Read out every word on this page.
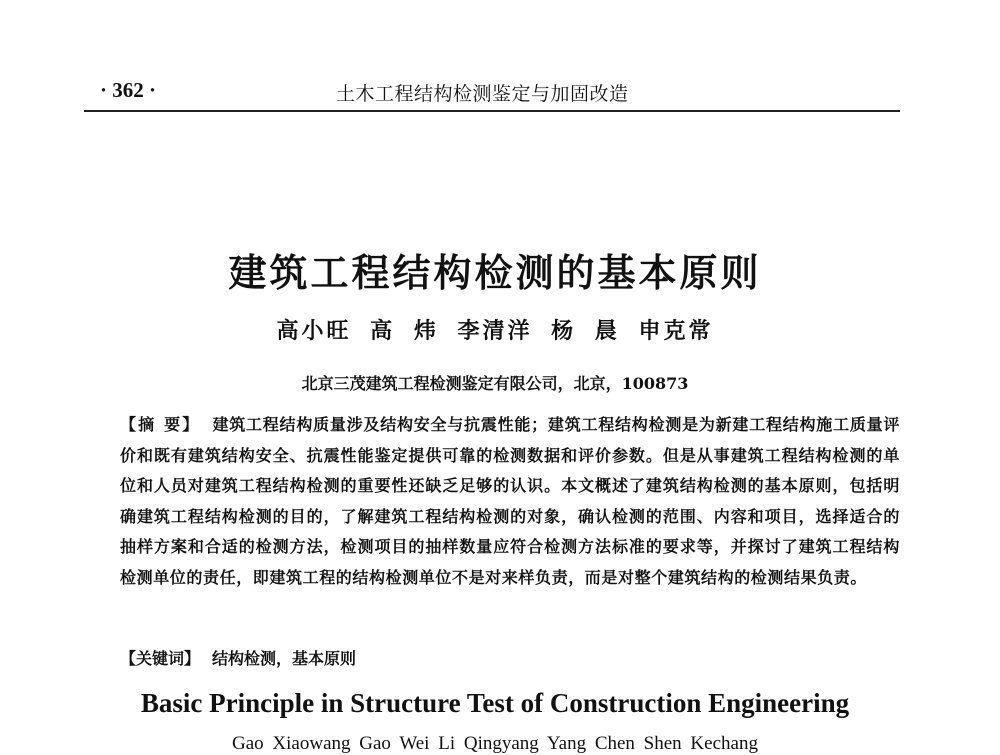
· 362 ·	土木工程结构检测鉴定与加固改造
建筑工程结构检测的基本原则
高小旺 高 炜 李清洋 杨 晨 申克常
北京三茂建筑工程检测鉴定有限公司，北京，100873
【摘 要】 建筑工程结构质量涉及结构安全与抗震性能；建筑工程结构检测是为新建工程结构施工质量评价和既有建筑结构安全、抗震性能鉴定提供可靠的检测数据和评价参数。但是从事建筑工程结构检测的单位和人员对建筑工程结构检测的重要性还缺乏足够的认识。本文概述了建筑结构检测的基本原则，包括明确建筑工程结构检测的目的，了解建筑工程结构检测的对象，确认检测的范围、内容和项目，选择适合的抽样方案和合适的检测方法，检测项目的抽样数量应符合检测方法标准的要求等，并探讨了建筑工程结构检测单位的责任，即建筑工程的结构检测单位不是对来样负责，而是对整个建筑结构的检测结果负责。
【关键词】 结构检测，基本原则
Basic Principle in Structure Test of Construction Engineering
Gao Xiaowang Gao Wei Li Qingyang Yang Chen Shen Kechang
